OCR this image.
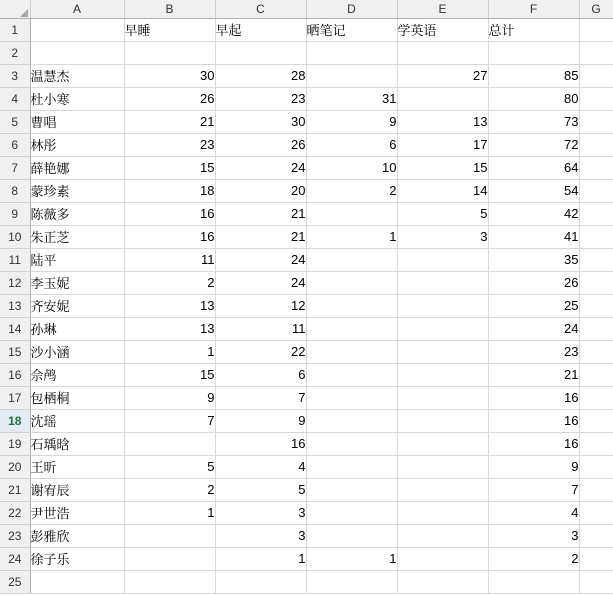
	A	B	C	D	E	F	G
1		早睡	早起	晒笔记	学英语	总计	
2							
3	温慧杰	30	28		27	85	
4	杜小寒	26	23	31		80	
5	曹唱	21	30	9	13	73	
6	林彤	23	26	6	17	72	
7	薛艳娜	15	24	10	15	64	
8	蒙珍素	18	20	2	14	54	
9	陈薇多	16	21		5	42	
10	朱正芝	16	21	1	3	41	
11	陆平	11	24			35	
12	李玉妮	2	24			26	
13	齐安妮	13	12			25	
14	孙琳	13	11			24	
15	沙小涵	1	22			23	
16	佘鸬	15	6			21	
17	包栖桐	9	7			16	
18	沈瑶	7	9			16	
19	石瑀晗		16			16	
20	王昕	5	4			9	
21	谢宥辰	2	5			7	
22	尹世浩	1	3			4	
23	彭雅欣		3			3	
24	徐子乐		1	1		2	
25							
